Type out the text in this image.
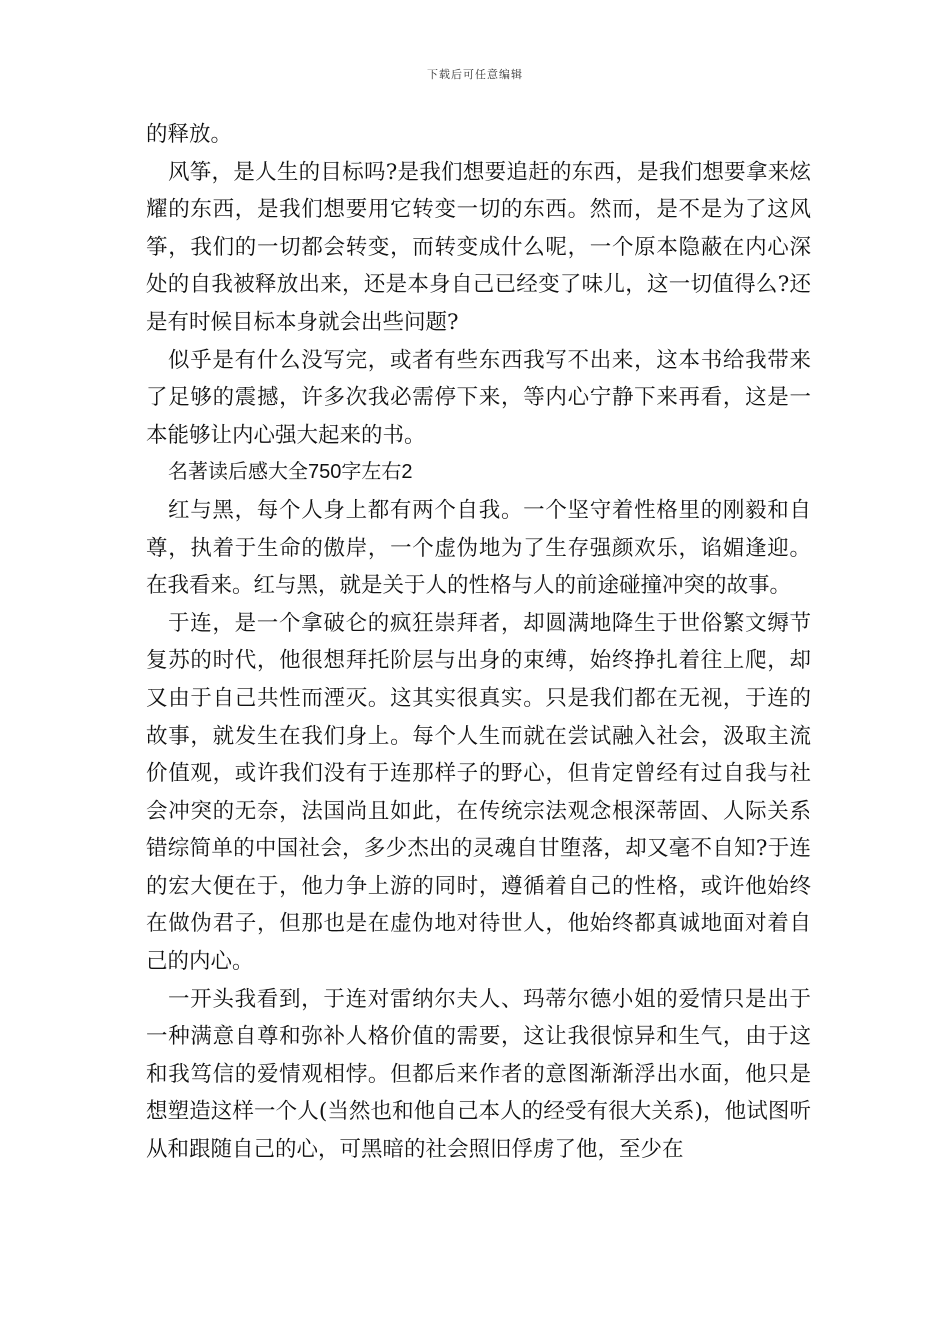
下载后可任意编辑

的释放。

风筝，是人生的目标吗?是我们想要追赶的东西，是我们想要拿来炫耀的东西，是我们想要用它转变一切的东西。然而，是不是为了这风筝，我们的一切都会转变，而转变成什么呢，一个原本隐蔽在内心深处的自我被释放出来，还是本身自己已经变了味儿，这一切值得么?还是有时候目标本身就会出些问题?

似乎是有什么没写完，或者有些东西我写不出来，这本书给我带来了足够的震撼，许多次我必需停下来，等内心宁静下来再看，这是一本能够让内心强大起来的书。

名著读后感大全750字左右2

红与黑，每个人身上都有两个自我。一个坚守着性格里的刚毅和自尊，执着于生命的傲岸，一个虚伪地为了生存强颜欢乐，谄媚逢迎。在我看来。红与黑，就是关于人的性格与人的前途碰撞冲突的故事。

于连，是一个拿破仑的疯狂崇拜者，却圆满地降生于世俗繁文缛节复苏的时代，他很想拜托阶层与出身的束缚，始终挣扎着往上爬，却又由于自己共性而湮灭。这其实很真实。只是我们都在无视，于连的故事，就发生在我们身上。每个人生而就在尝试融入社会，汲取主流价值观，或许我们没有于连那样子的野心，但肯定曾经有过自我与社会冲突的无奈，法国尚且如此，在传统宗法观念根深蒂固、人际关系错综简单的中国社会，多少杰出的灵魂自甘堕落，却又毫不自知?于连的宏大便在于，他力争上游的同时，遵循着自己的性格，或许他始终在做伪君子，但那也是在虚伪地对待世人，他始终都真诚地面对着自己的内心。

一开头我看到，于连对雷纳尔夫人、玛蒂尔德小姐的爱情只是出于一种满意自尊和弥补人格价值的需要，这让我很惊异和生气，由于这和我笃信的爱情观相悖。但都后来作者的意图渐渐浮出水面，他只是想塑造这样一个人(当然也和他自己本人的经受有很大关系)，他试图听从和跟随自己的心，可黑暗的社会照旧俘虏了他，至少在
